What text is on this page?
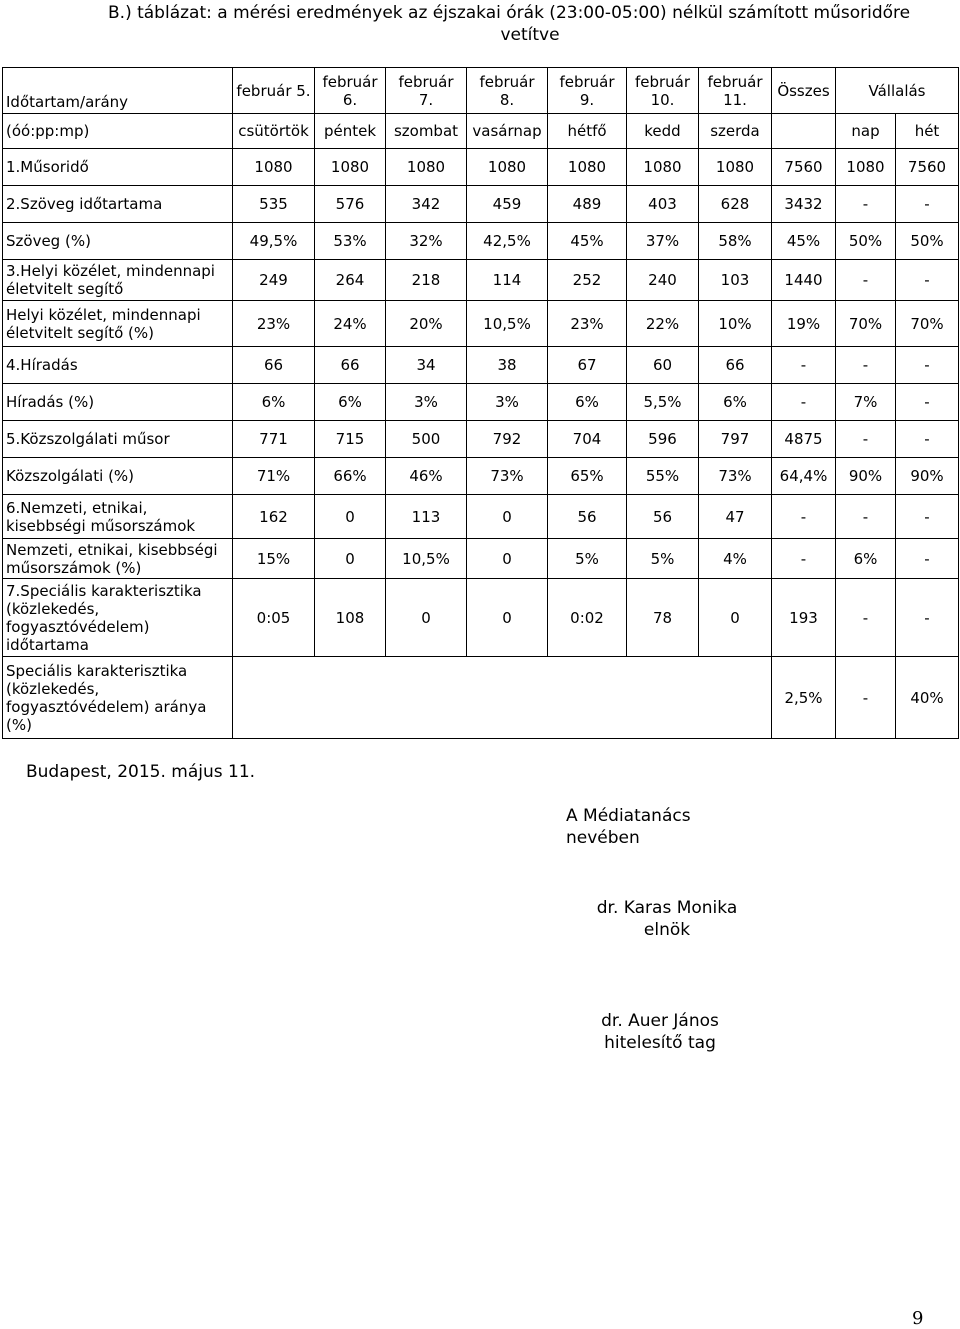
B.) táblázat: a mérési eredmények az éjszakai órák (23:00-05:00) nélkül számított műsoridőre
vetítve
Időtartam/arány	február 5.	február 6.	február 7.	február 8.	február 9.	február 10.	február 11.	Összes	Vállalás	
(óó:pp:mp)	csütörtök	péntek	szombat	vasárnap	hétfő	kedd	szerda		nap	hét
1.Műsoridő	1080	1080	1080	1080	1080	1080	1080	7560	1080	7560
2.Szöveg időtartama	535	576	342	459	489	403	628	3432	-	-
Szöveg (%)	49,5%	53%	32%	42,5%	45%	37%	58%	45%	50%	50%
3.Helyi közélet, mindennapi életvitelt segítő	249	264	218	114	252	240	103	1440	-	-
Helyi közélet, mindennapi életvitelt segítő (%)	23%	24%	20%	10,5%	23%	22%	10%	19%	70%	70%
4.Híradás	66	66	34	38	67	60	66	-	-	-
Híradás (%)	6%	6%	3%	3%	6%	5,5%	6%	-	7%	-
5.Közszolgálati műsor	771	715	500	792	704	596	797	4875	-	-
Közszolgálati (%)	71%	66%	46%	73%	65%	55%	73%	64,4%	90%	90%
6.Nemzeti, etnikai, kisebbségi műsorszámok	162	0	113	0	56	56	47	-	-	-
Nemzeti, etnikai, kisebbségi műsorszámok (%)	15%	0	10,5%	0	5%	5%	4%	-	6%	-
7.Speciális karakterisztika (közlekedés, fogyasztóvédelem) időtartama	0:05	108	0	0	0:02	78	0	193	-	-
Speciális karakterisztika (közlekedés, fogyasztóvédelem) aránya (%)								2,5%	-	40%
Budapest, 2015. május 11.
A Médiatanács nevében
dr. Karas Monika
elnök
dr. Auer János
hitelesítő tag
9
